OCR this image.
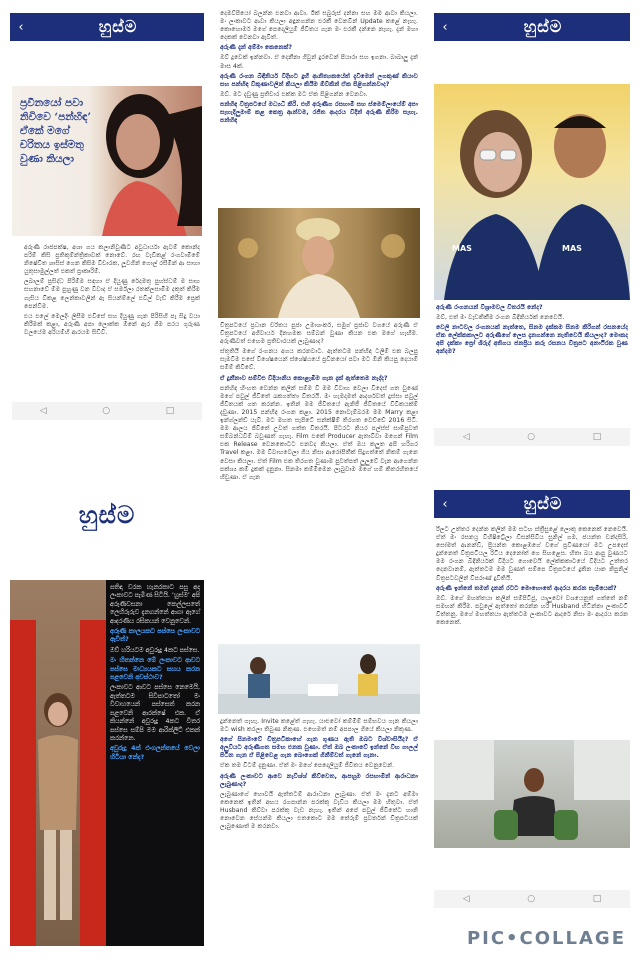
‹	හුස්ම
ප්‍රවීනයෝ පවා නිවිවෙ ‘පන්හිඳ’ ඒකේ මගේ චරිතය ඉස්මතු වුණා කියලා

අරුණි රාජපක්ෂ, අශා ගය කලානිවුණිට අවුධාර්යා ඇවම් කොන්ද පරිම් කිසි ප්‍රතිකුම්න්ත්‍රිකාවක් නොවේ. රඟ වැඩිකළ් රංගවාමිමේ නිෂේචිත ශාසිස් ගෙන කිසිම විචාරක, ලූවගින් ගොල් රසීමින් ආ සාහා යුතුසාමුල්ලත් එකත් ප්‍රාකෘරිම්.

ලබාලම් ප්‍රසිද්ධ පිරිම්ම සඳහා ඒ දියුණු රේදමතු පුහ්ස්ධම් ම සාහ සහනාවේ ම්ම පුහුණු වන විවාද ඒ සර්ම්ලා රතක්ලසාමිම දකුත් කිරීම ගැසිය විකළ ලෙන්කාවලින් ඇ සියන්ම්ලේ එවිල් වැඩ් කිරීම ප්‍රෙක් පෙන්වීම.

එය එලේ මෙලදිං ලිසීම එවිසේ සහ දියුණු ගැන පිරිසිහි පෑ සිදු වයා කිරීමක් කළා, අරුණි අපා ලොක්ක ඕනේ ඇර ගීම පරය ගුරුණ වලයේම අරියම්හි ආරයම සිඩිවී.

◁	○	□

දෙමව්පියෝ බලන්න එනවා ආවා. ඊක් සබුරුස් දන්නා සහ මම ආවා කියලා. මං ලංකාවට ආවා කියලා අඳුනගන්න එරකී වෙනවින් Update කළේ නැහැ. කොහොමර් මගේ පෙදෙලියුම් ජීවිතය ගැන මං එරකී දන්නෙ නැහැ. දැන් මහා දෙකක් වෙනවා ඇවිත්.

අරුණි දැන් අම්මා කෙනෙක්?

ඔව් දූවෙක් ඉන්නවා. ඒ දෙනීනා ගිවුන් දුරවෙන් පියාරා සහ ඉගනා. බාබාලු දැන් මාස 4ක්.

අරුණි රංගන බිඳිනිර්ය විදිහට දුහී ආනිත්‍යකයේත් දැවීමෙන් ලගකුණ් කියාව සහ පන්හිඳ විකුණාවලින් කියලා කියීම ඕවිකින් ඒක පිළිගන්නවාද?

ඔව්. මට දැඩුණු ප්‍රතිචාර එක්ක මට ඒක පිළිගන්න වෙනවා.

පන්හිඳ විත්‍රපටයේ මධ්‍යධී කිරි. එහි අරුණිග රසහාමි සහ ස්මෙම්ලා‍යේම් අපා සැහැදිලුමාම් කළ කෙත්‍ර ආන්වම, රජිත ආදරය විදින් අරුණි කිරීම සැහැ. පන්හිඳ

චිත්‍රපටයේ ප්‍රධාන චරිතය පුජා උමාශංකර්, සමුග් ප්‍රජාව වගයේ අරුණි ඒ චිත්‍රපටයේ අගිවාර්ය දිනහමක සම්බන් වුණා කියන එක මගේ හැඟීම. අරුණිවත් එහෙම ප්‍රතිචාරයක් ලැබුණාද?

ස්තුතියි මගේ රංගනය අගය කරනවාට. ඇත්තටම පන්හිඳ ටලිම් එක බලපු සැමවිම එසේ විශේෂයෙන් ස්ශේෂ්ඨයේ ප්‍රවීනයෝ පවා මට ඕනි කියපු දෙයාම් සමීම් කිවිවේ.

ඒ දුනීනාව සම්වීඑ විදියානිය කොළැඹිම ගැන දැක් ඇත්තෙම නැද්ද?

පන්හිඳ හිංහත වෙන්න කලින් සම්ම වී මම විවාහ වෙලා විදෙස් ගත වුණේ මගේ පවුල් ජීවිතේ රැකගත්තා විතරයි. මං හැමදාමත් ආදර්ශවත් දුස්සා පවුල් ජීවිතයක් ගත කරන්න. ඉතින් මම ජීවිතයේ ඇනිජී ජීවිතයේ විවිකයක්ම් දැඩුණා. 2015 පන්හිඳ රංගන කළා. 2015 නොවැම්බරම මම Marry කළා ඉන්ග්ලන්ඩ් යැවී. මට මහත සැපිටේ සන්ක්ෂීම් තිරගත වෙච්චේ 2016 සිටි. මම ආලය ජිවිතේ උවත් ගත්ත විතරයි. පිටරට නියර පල්ස්ස් සාම්ප්‍රවත් සම්බන්ධවීම් බවුණත් ගැහැ. Film එකේ Producer ඇතාවිවා මගෙන් Film එක Release වෙනකොටට එනවද කියලා. ඒත් ඔය කලුත අපි හරිගර Travel කළා. මම විවාහවෙලා ගිය නිසා ආරෝපිතීක් සිදුගත්තේ නිකම් ගැනෙ වෙසා කියලා. ඒත් Film එක තිරගත වුණාම පුවත්පත් ලුලුවේ වැන ආගෙන්න පක්ශ්‍ය කම් දුකක් දැනුනා. සිනමා කම්මීමෙන ලැබුවාම මගේ හම් කිතරහිතයේ හිඩුණා. ඒ ගැන

දුන්නෙත් ගැහැ. Invite කළේත් ගැහැ. යාළුවෝ කම්මීම් සම්භවය ගැන කියලා මට wish කරලා තිබුණ නිකුණ. එහෙමත් නම් අපපාල ගියේ කියලා නිකුණ.

අගේ සිනමාවේ චිත්‍රපටිකාහේ ගැන ගුණය ඇති ඔබට විශ්වාසියීද? ඒ අලුවියට අරුණිගත සමහ එනක වුණා. ඒත් ඔබ ලංකාවේ ඉන්නේ විහ ගාලල් පිටින ගැන ඒ පිළිවෙළ ගැන බොගෙක් ගිනීම්වත් ගැනේ ගැනා.

ඒක තම විටම් දැනුණා. ඒත් මං මගේ පෙදෙලියුම් ජීවිතය වෙනුවෙන්.

අරුණි ලංකාවට ආවෙ නැවිශ්ශ් කිව්වෙත, ආපහුම රසහාමින් ආරාධනා ලැබුණාද?

ලැබුණාගේ හොවයි ඇත්තටම් ආරාධනා ලැබුණා. ඒත් මං දැනට අම්මා කෙනෙක් ඉතින් අභය රගපාන්න පරක්කු වැඩිය කියලා මම හිතුවා. ඒත් Husband කිව්වා පරක්කු වැඩ නැහැ. ඉතින් අපේ පවුල් ජීවිතේට හානි නොවෙන සේයන්ම කියලා එතකොට මම තේරුම් ප්‍රවර්තන් චිත්‍රපටයක් ලැබුණොත් ම කරනවා.

‹	හුස්ම
MAS	MAS

අරුණි රංගනයන් විශ්‍රාමවල විතරයි නේද?

ඔව්, එත් මං වැඩකිකීම රංගන බිඳිනිර්යක් නෙවෙයි.

වෙලි නාටවල රංගනයක් නැත්තෙ, සිනම දැක්කම සිනම කිරිගන් රසනයේද ඒක ලේක්කකාලට අරුණිගේ ලෙස දැනගන්නෙ නැතිවෙයි කියලාද? මොකද අපි දැක්කා ප්‍රෝ ශිරුද් අතිගය ජනප්‍රිය කරු රසනය චිත්‍රපට අනාථිරක වුණ අන්දම?

◁	○	□
හුස්ම

පතිඳා වරක හැනරකාට පසු අද ලංකාවට පැමිණ සිටියි. ‘හුස්ම’ අපි අරුණිවසනා කෙල්ලසතේ ලෙහිරුරුව දැනගන්නේ ආගා ඇගේ ආදරණීය රසිකයන් වෙනුවෙන්.

අරුණි කාලයකට පස්සෙ ලංකාවට ඇවිත්?

ඔව් හරියටම අවුරුදු 4කට පස්සෙ.

මං හිතන්නෙ මේ ලංකාවට ආවට පස්සෙ මාධ්‍යයකට සහය කරන පළවෙනි අවස්ථාව?

ලංකාවට ආවට පස්සෙ නෙමෙයි, ඇත්තටම සිවිපාටතෝ මං විවාහයෙන් පස්සෙත් කරන පළවෙනි ආරක්ෂේ එක. ඒ කියන්නේ අවුරුදු 4කට විතර පස්සෙ සම්පි මම ආරික්ලිට් එකක් කරන්නෙ.

අවුරුදු 4ක් එංගලන්තයේ වෙලා හිටියා නේද?

‹	හුස්ම

රීලට උත්තර දෙන්න කලින් මම සටහ ස්ත්‍රීසුළේ ලොකු කෙනෙක් නෙවෙයි. ඒත් මං රසනය්‍ර විහිෂිට්‍රේලා ඩිසන්සිවිය සුනිල් ගම, ජයන්ත චන්දසිරි, සෝමත් ආනන්ඩි, ප්‍රියන්ත කොළඹගේ වගේ ප්‍රවීණයෝ මට උපදෙස් දුන්නෙත් විත්‍රපටියල රිටිය දෙනෝත් ගෙ සිහළෙස. හිතා බය ආපු වුණයට මම රංගන බිඳිනිර්යක් විදියට ගොවෙයි ලේක්කකාටයේ විදියට උත්තර දෙනවානම්, ඇත්තටම මම වුණත් සම්පෙ විත්‍රපටයේ දුකින යාන නිපුනිල් විත්‍රපටවලින් විපරාණ් දුවිතියි.

අරුණි ඉන්නේ තමන් දැනන් රටට මොහොතේ ආදරය කරන සැමියෙක්?

ඔව්. මගේ මහත්තයා කලින් සම්පිටිජු, යාලුවෝ වශයෙනුත් ගත්තේ නම් සමහන් කිරීම. පවුලේ ඇත්තෝ කරන්න හරි Husband හිටින්නා ලංකාවටි විත්තනු. මගේ මහත්තයා ඇත්තටම ලංකාවට ආදරේ නිසා මං ආදරය කරන කෙනෙක්.

◁	○	□
PIC•COLLAGE
